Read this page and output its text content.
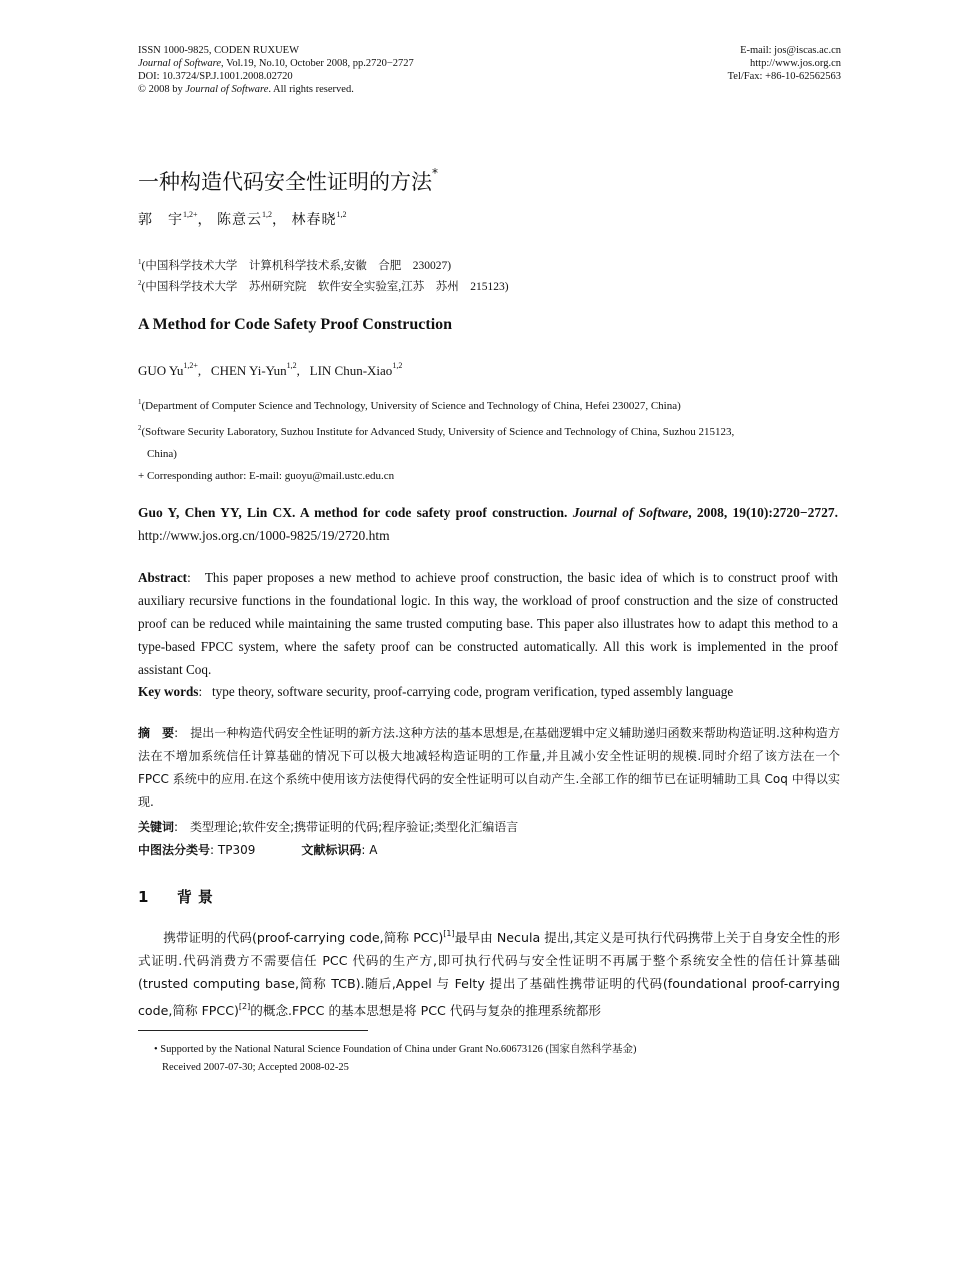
ISSN 1000-9825, CODEN RUXUEW
Journal of Software, Vol.19, No.10, October 2008, pp.2720−2727
DOI: 10.3724/SP.J.1001.2008.02720
© 2008 by Journal of Software. All rights reserved.
E-mail: jos@iscas.ac.cn
http://www.jos.org.cn
Tel/Fax: +86-10-62562563
一种构造代码安全性证明的方法*
郭　宇$^{1,2+}$， 陈意云$^{1,2}$， 林春晓$^{1,2}$
$^1$(中国科学技术大学　计算机科学技术系,安徽　合肥　230027)
$^2$(中国科学技术大学　苏州研究院　软件安全实验室,江苏　苏州　215123)
A Method for Code Safety Proof Construction
GUO $Yu^{1,2+}$,   CHEN Yi-Yun$^{1,2}$,   LIN Chun-Xiao$^{1,2}$
$^1$(Department of Computer Science and Technology, University of Science and Technology of China, Hefei 230027, China)
$^2$(Software Security Laboratory, Suzhou Institute for Advanced Study, University of Science and Technology of China, Suzhou 215123,
China)
+ Corresponding author: E-mail: guoyu@mail.ustc.edu.cn
Guo Y, Chen YY, Lin CX. A method for code safety proof construction. Journal of Software, 2008, 19(10):2720−2727. http://www.jos.org.cn/1000-9825/19/2720.htm
Abstract:   This paper proposes a new method to achieve proof construction, the basic idea of which is to construct proof with auxiliary recursive functions in the foundational logic. In this way, the workload of proof construction and the size of constructed proof can be reduced while maintaining the same trusted computing base. This paper also illustrates how to adapt this method to a type-based FPCC system, where the safety proof can be constructed automatically. All this work is implemented in the proof assistant Coq.
Key words:   type theory, software security, proof-carrying code, program verification, typed assembly language
摘　要:　提出一种构造代码安全性证明的新方法.这种方法的基本思想是,在基础逻辑中定义辅助递归函数来帮助构造证明.这种构造方法在不增加系统信任计算基础的情况下可以极大地减轻构造证明的工作量,并且减小安全性证明的规模.同时介绍了该方法在一个 FPCC 系统中的应用.在这个系统中使用该方法使得代码的安全性证明可以自动产生.全部工作的细节已在证明辅助工具 Coq 中得以实现.
关键词:　类型理论;软件安全;携带证明的代码;程序验证;类型化汇编语言
中图法分类号: TP309	文献标识码: A
1 背景
携带证明的代码(proof-carrying code,简称 PCC)[1]最早由 Necula 提出,其定义是可执行代码携带上关于自身安全性的形式证明.代码消费方不需要信任 PCC 代码的生产方,即可执行代码与安全性证明不再属于整个系统安全性的信任计算基础(trusted computing base,简称 TCB).随后,Appel 与 Felty 提出了基础性携带证明的代码(foundational proof-carrying code,简称 FPCC)[2]的概念.FPCC 的基本思想是将 PCC 代码与复杂的推理系统都形
• Supported by the National Natural Science Foundation of China under Grant No.60673126 (国家自然科学基金)
Received 2007-07-30; Accepted 2008-02-25
